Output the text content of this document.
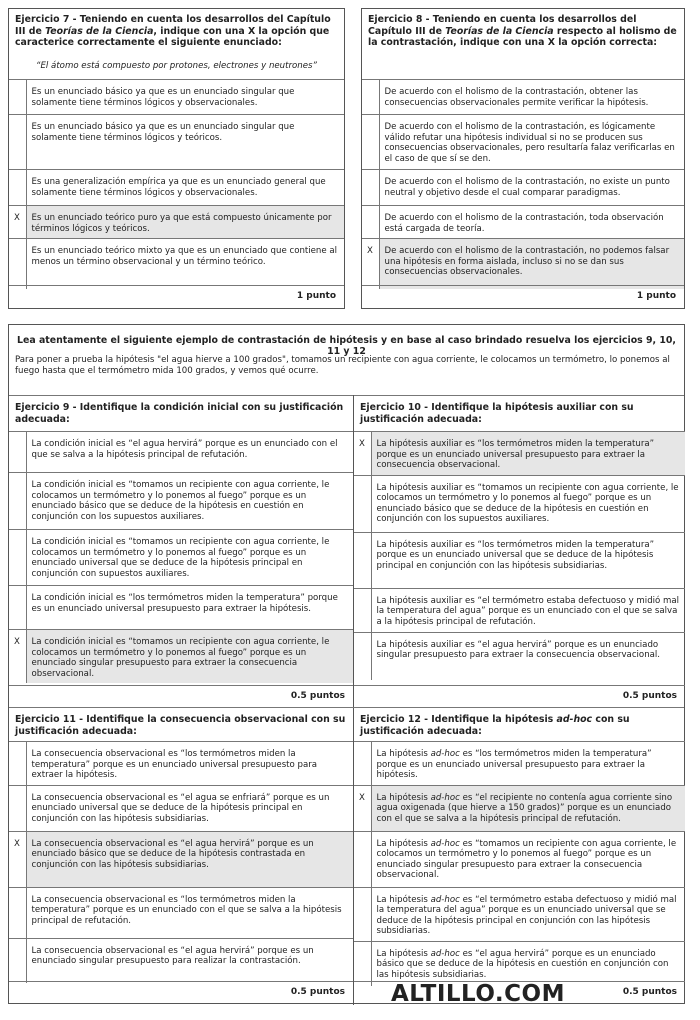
Ejercicio 7 - Teniendo en cuenta los desarrollos del Capítulo III de Teorías de la Ciencia, indique con una X la opción que caracterice correctamente el siguiente enunciado:
“El átomo está compuesto por protones, electrones y neutrones”
	Es un enunciado básico ya que es un enunciado singular que solamente tiene términos lógicos y observacionales.
	Es un enunciado básico ya que es un enunciado singular que solamente tiene términos lógicos y teóricos.
	Es una generalización empírica ya que es un enunciado general que solamente tiene términos lógicos y observacionales.
X	Es un enunciado teórico puro ya que está compuesto únicamente por términos lógicos y teóricos.
	Es un enunciado teórico mixto ya que es un enunciado que contiene al menos un término observacional y un término teórico.
1 punto
Ejercicio 8 - Teniendo en cuenta los desarrollos del Capítulo III de Teorías de la Ciencia respecto al holismo de la contrastación, indique con una X la opción correcta:
	De acuerdo con el holismo de la contrastación, obtener las consecuencias observacionales permite verificar la hipótesis.
	De acuerdo con el holismo de la contrastación, es lógicamente válido refutar una hipótesis individual si no se producen sus consecuencias observacionales, pero resultaría falaz verificarlas en el caso de que sí se den.
	De acuerdo con el holismo de la contrastación, no existe un punto neutral y objetivo desde el cual comparar paradigmas.
	De acuerdo con el holismo de la contrastación, toda observación está cargada de teoría.
X	De acuerdo con el holismo de la contrastación, no podemos falsar una hipótesis en forma aislada, incluso si no se dan sus consecuencias observacionales.
1 punto
Lea atentamente el siguiente ejemplo de contrastación de hipótesis y en base al caso brindado resuelva los ejercicios 9, 10, 11 y 12
Para poner a prueba la hipótesis "el agua hierve a 100 grados", tomamos un recipiente con agua corriente, le colocamos un termómetro, lo ponemos al fuego hasta que el termómetro mida 100 grados, y vemos qué ocurre.
Ejercicio 9 - Identifique la condición inicial con su justificación adecuada:
	La condición inicial es “el agua hervirá” porque es un enunciado con el que se salva a la hipótesis principal de refutación.
	La condición inicial es “tomamos un recipiente con agua corriente, le colocamos un termómetro y lo ponemos al fuego” porque es un enunciado básico que se deduce de la hipótesis en cuestión en conjunción con los supuestos auxiliares.
	La condición inicial es “tomamos un recipiente con agua corriente, le colocamos un termómetro y lo ponemos al fuego” porque es un enunciado universal que se deduce de la hipótesis principal en conjunción con supuestos auxiliares.
	La condición inicial es “los termómetros miden la temperatura” porque es un enunciado universal presupuesto para extraer la hipótesis.
X	La condición inicial es “tomamos un recipiente con agua corriente, le colocamos un termómetro y lo ponemos al fuego” porque es un enunciado singular presupuesto para extraer la consecuencia observacional.
0.5 puntos
Ejercicio 10 - Identifique la hipótesis auxiliar con su justificación adecuada:
X	La hipótesis auxiliar es “los termómetros miden la temperatura” porque es un enunciado universal presupuesto para extraer la consecuencia observacional.
	La hipótesis auxiliar es “tomamos un recipiente con agua corriente, le colocamos un termómetro y lo ponemos al fuego” porque es un enunciado básico que se deduce de la hipótesis en cuestión en conjunción con los supuestos auxiliares.
	La hipótesis auxiliar es “los termómetros miden la temperatura” porque es un enunciado universal que se deduce de la hipótesis principal en conjunción con las hipótesis subsidiarias.
	La hipótesis auxiliar es “el termómetro estaba defectuoso y midió mal la temperatura del agua” porque es un enunciado con el que se salva a la hipótesis principal de refutación.
	La hipótesis auxiliar es “el agua hervirá” porque es un enunciado singular presupuesto para extraer la consecuencia observacional.
0.5 puntos
Ejercicio 11 - Identifique la consecuencia observacional con su justificación adecuada:
	La consecuencia observacional es “los termómetros miden la temperatura” porque es un enunciado universal presupuesto para extraer la hipótesis.
	La consecuencia observacional es “el agua se enfriará” porque es un enunciado universal que se deduce de la hipótesis principal en conjunción con las hipótesis subsidiarias.
X	La consecuencia observacional es “el agua hervirá” porque es un enunciado básico que se deduce de la hipótesis contrastada en conjunción con las hipótesis subsidiarias.
	La consecuencia observacional es “los termómetros miden la temperatura” porque es un enunciado con el que se salva a la hipótesis principal de refutación.
	La consecuencia observacional es “el agua hervirá” porque es un enunciado singular presupuesto para realizar la contrastación.
0.5 puntos
Ejercicio 12 - Identifique la hipótesis ad-hoc con su justificación adecuada:
	La hipótesis ad-hoc es “los termómetros miden la temperatura” porque es un enunciado universal presupuesto para extraer la hipótesis.
X	La hipótesis ad-hoc es “el recipiente no contenía agua corriente sino agua oxigenada (que hierve a 150 grados)” porque es un enunciado con el que se salva a la hipótesis principal de refutación.
	La hipótesis ad-hoc es “tomamos un recipiente con agua corriente, le colocamos un termómetro y lo ponemos al fuego” porque es un enunciado singular presupuesto para extraer la consecuencia observacional.
	La hipótesis ad-hoc es “el termómetro estaba defectuoso y midió mal la temperatura del agua” porque es un enunciado universal que se deduce de la hipótesis principal en conjunción con las hipótesis subsidiarias.
	La hipótesis ad-hoc es “el agua hervirá” porque es un enunciado básico que se deduce de la hipótesis en cuestión en conjunción con las hipótesis subsidiarias.
0.5 puntos
ALTILLO.COM
